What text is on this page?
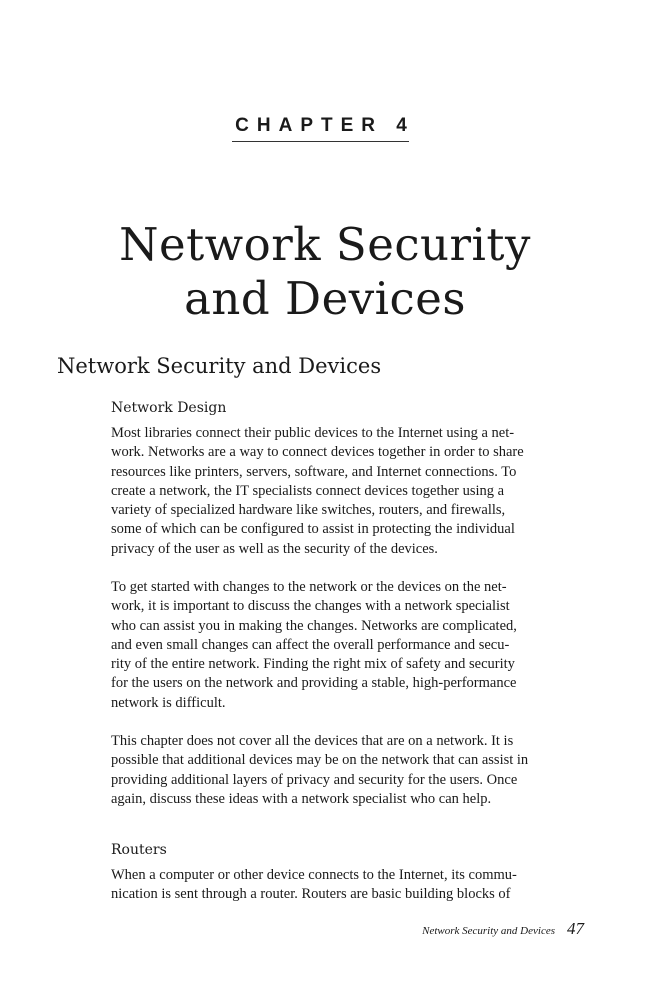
CHAPTER 4
Network Security
and Devices
Network Security and Devices
Network Design

Most libraries connect their public devices to the Internet using a net-
work. Networks are a way to connect devices together in order to share
resources like printers, servers, software, and Internet connections. To
create a network, the IT specialists connect devices together using a
variety of specialized hardware like switches, routers, and firewalls,
some of which can be configured to assist in protecting the individual
privacy of the user as well as the security of the devices.

To get started with changes to the network or the devices on the net-
work, it is important to discuss the changes with a network specialist
who can assist you in making the changes. Networks are complicated,
and even small changes can affect the overall performance and secu-
rity of the entire network. Finding the right mix of safety and security
for the users on the network and providing a stable, high-performance
network is difficult.

This chapter does not cover all the devices that are on a network. It is
possible that additional devices may be on the network that can assist in
providing additional layers of privacy and security for the users. Once
again, discuss these ideas with a network specialist who can help.

Routers

When a computer or other device connects to the Internet, its commu-
nication is sent through a router. Routers are basic building blocks of

Network Security and Devices 47
